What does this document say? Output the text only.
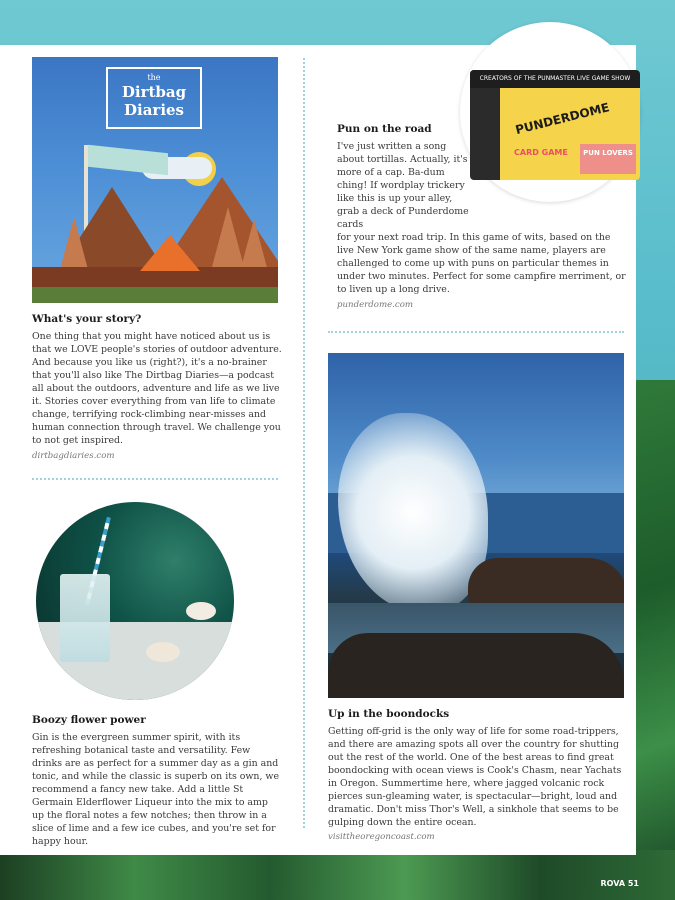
the
Dirtbag
Diaries
What's your story?
One thing that you might have noticed about us is that we LOVE people's stories of outdoor adventure. And because you like us (right?), it's a no-brainer that you'll also like The Dirtbag Diaries—a podcast all about the outdoors, adventure and life as we live it. Stories cover everything from van life to climate change, terrifying rock-climbing near-misses and human connection through travel. We challenge you to not get inspired.
dirtbagdiaries.com
CREATORS OF THE PUNMASTER LIVE GAME SHOW
PUNDERDOME
CARD GAME	PUN LOVERS
Pun on the road
I've just written a song about tortillas. Actually, it's more of a cap. Ba-dum ching! If wordplay trickery like this is up your alley, grab a deck of Punderdome cards
for your next road trip. In this game of wits, based on the live New York game show of the same name, players are challenged to come up with puns on particular themes in under two minutes. Perfect for some campfire merriment, or to liven up a long drive.
punderdome.com
Up in the boondocks
Getting off-grid is the only way of life for some road-trippers, and there are amazing spots all over the country for shutting out the rest of the world. One of the best areas to find great boondocking with ocean views is Cook's Chasm, near Yachats in Oregon. Summertime here, where jagged volcanic rock pierces sun-gleaming water, is spectacular—bright, loud and dramatic. Don't miss Thor's Well, a sinkhole that seems to be gulping down the entire ocean.
visittheoregoncoast.com
Boozy flower power
Gin is the evergreen summer spirit, with its refreshing botanical taste and versatility. Few drinks are as perfect for a summer day as a gin and tonic, and while the classic is superb on its own, we recommend a fancy new take. Add a little St Germain Elderflower Liqueur into the mix to amp up the floral notes a few notches; then throw in a slice of lime and a few ice cubes, and you're set for happy hour.
ROVA 51
